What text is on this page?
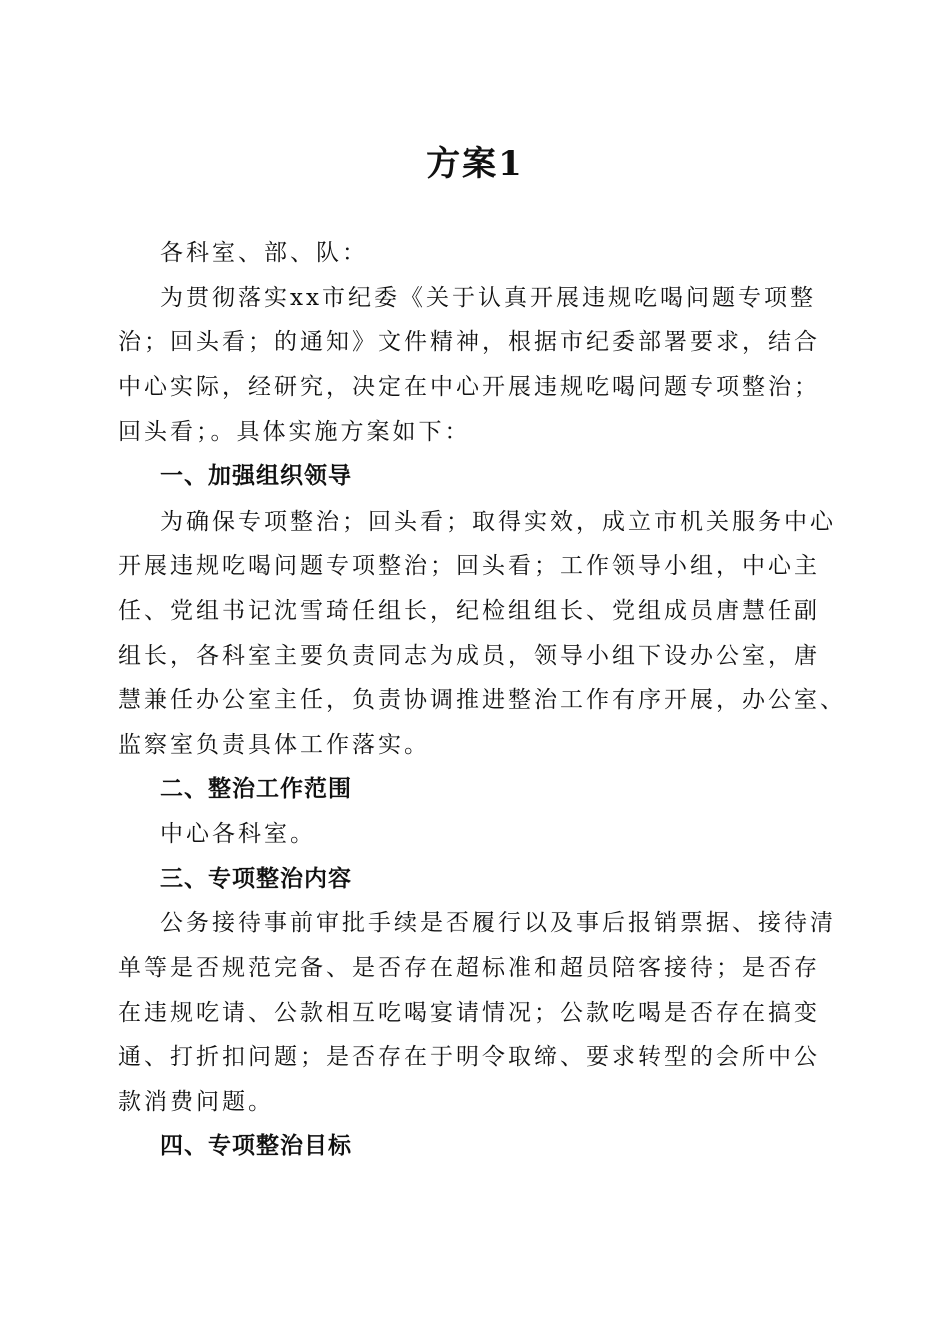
方案1
各科室、部、队：
为贯彻落实xx市纪委《关于认真开展违规吃喝问题专项整
治；回头看；的通知》文件精神，根据市纪委部署要求，结合
中心实际，经研究，决定在中心开展违规吃喝问题专项整治；
回头看；。具体实施方案如下：
一、加强组织领导
为确保专项整治；回头看；取得实效，成立市机关服务中心
开展违规吃喝问题专项整治；回头看；工作领导小组，中心主
任、党组书记沈雪琦任组长，纪检组组长、党组成员唐慧任副
组长，各科室主要负责同志为成员，领导小组下设办公室，唐
慧兼任办公室主任，负责协调推进整治工作有序开展，办公室、
监察室负责具体工作落实。
二、整治工作范围
中心各科室。
三、专项整治内容
公务接待事前审批手续是否履行以及事后报销票据、接待清
单等是否规范完备、是否存在超标准和超员陪客接待；是否存
在违规吃请、公款相互吃喝宴请情况；公款吃喝是否存在搞变
通、打折扣问题；是否存在于明令取缔、要求转型的会所中公
款消费问题。
四、专项整治目标
